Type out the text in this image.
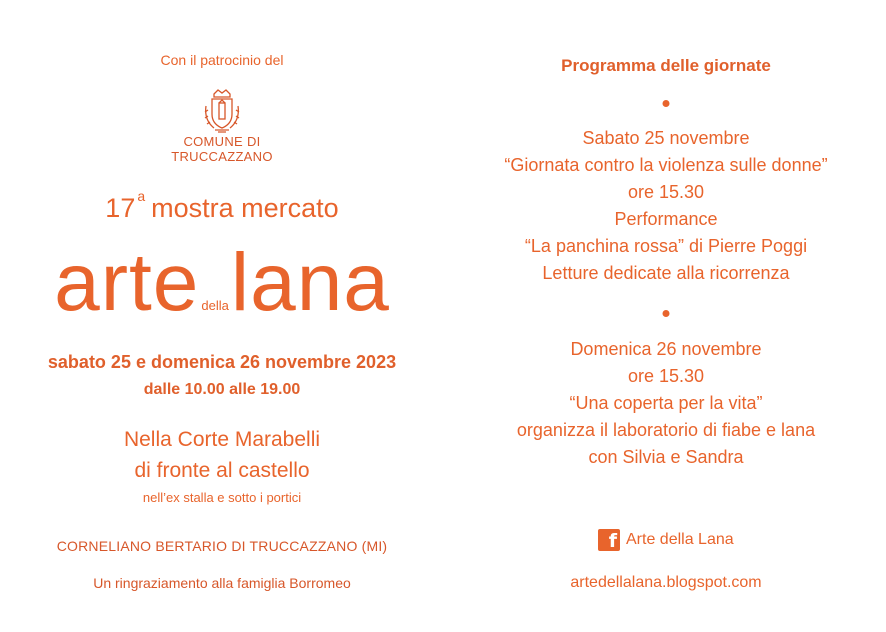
Con il patrocinio del
COMUNE DI
TRUCCAZZANO
17 $^a$ mostra mercato
arte dellalana
sabato 25 e domenica 26 novembre 2023
dalle 10.00 alle 19.00
Nella Corte Marabelli
di fronte al castello
nell’ex stalla e sotto i portici
CORNELIANO BERTARIO DI TRUCCAZZANO (MI)
Un ringraziamento alla famiglia Borromeo
Programma delle giornate
Sabato 25 novembre
“Giornata contro la violenza sulle donne”
ore 15.30
Performance
“La panchina rossa” di Pierre Poggi
Letture dedicate alla ricorrenza
Domenica 26 novembre
ore 15.30
“Una coperta per la vita”
organizza il laboratorio di fiabe e lana
con Silvia e Sandra
f Arte della Lana
artedellalana.blogspot.com
